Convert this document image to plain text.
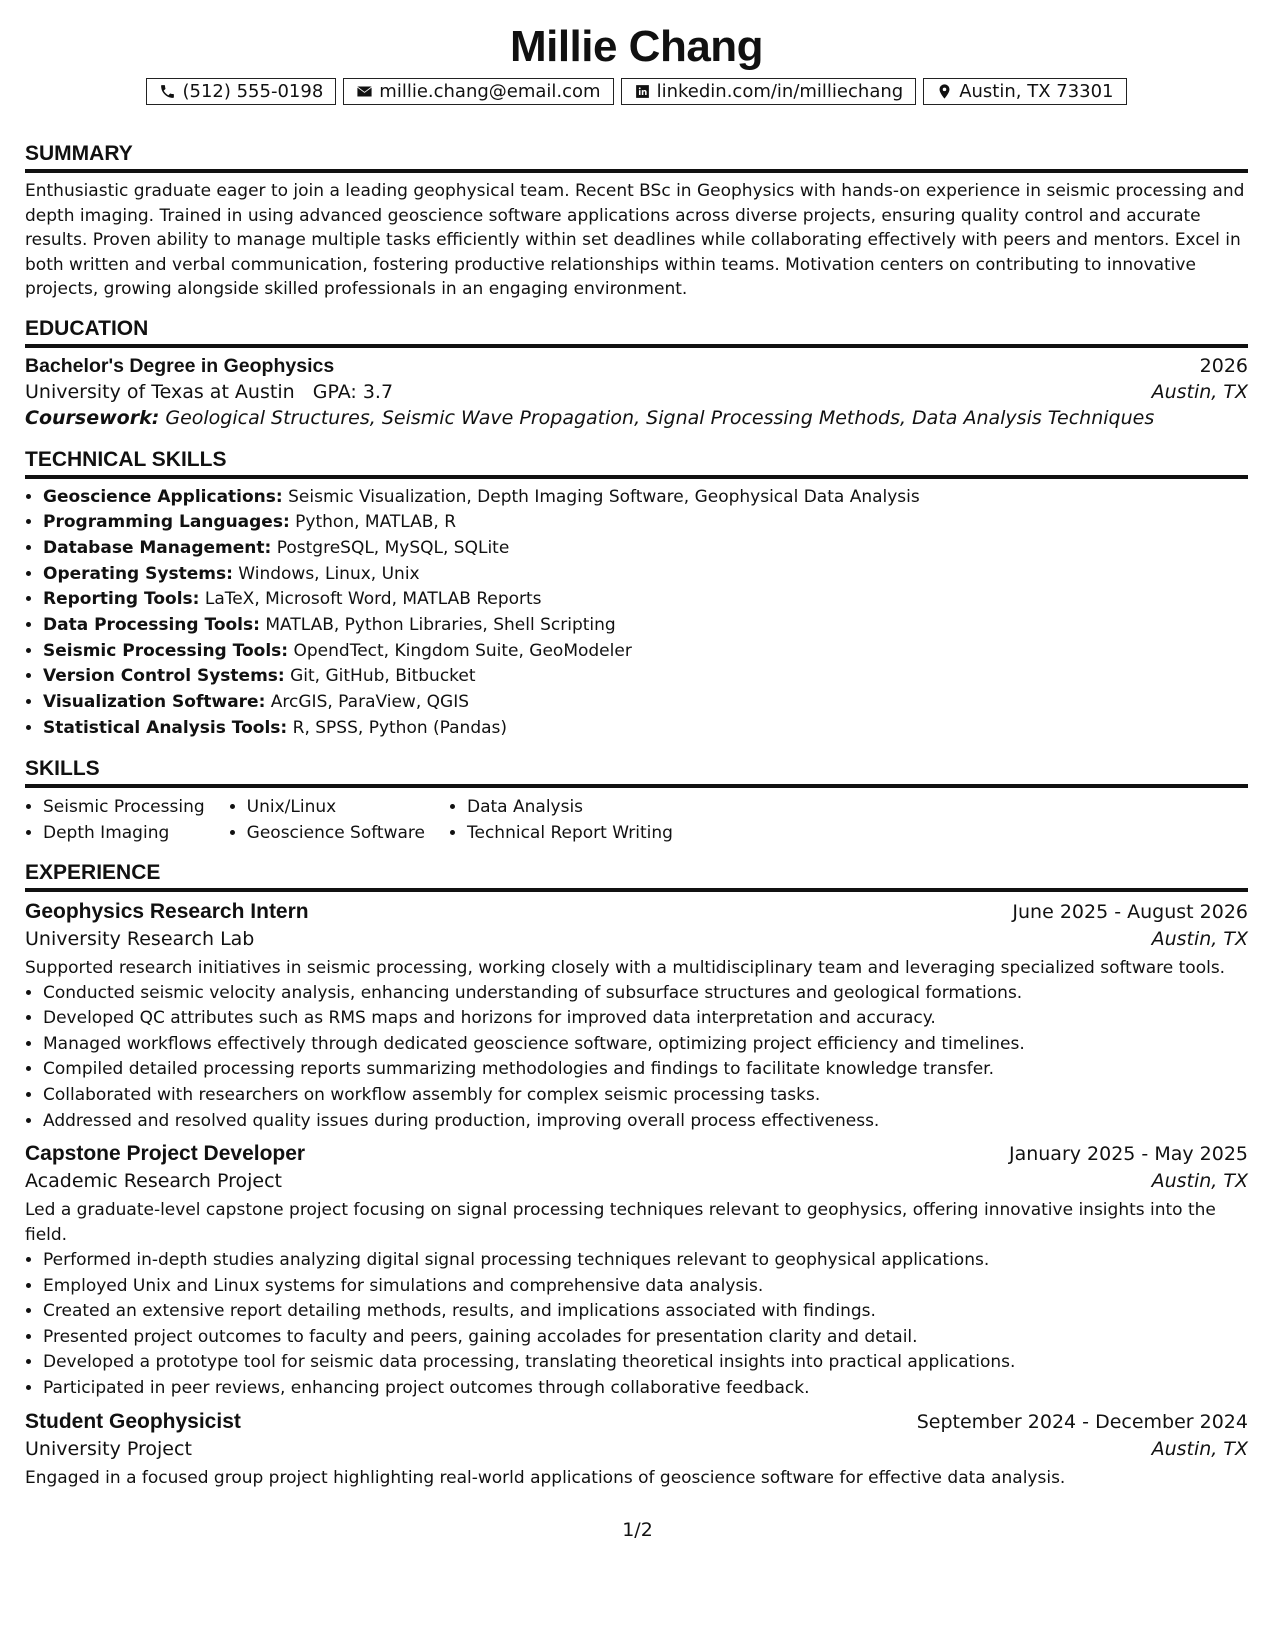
Millie Chang
(512) 555-0198	millie.chang@email.com	linkedin.com/in/milliechang	Austin, TX 73301
SUMMARY
Enthusiastic graduate eager to join a leading geophysical team. Recent BSc in Geophysics with hands-on experience in seismic processing and depth imaging. Trained in using advanced geoscience software applications across diverse projects, ensuring quality control and accurate results. Proven ability to manage multiple tasks efficiently within set deadlines while collaborating effectively with peers and mentors. Excel in both written and verbal communication, fostering productive relationships within teams. Motivation centers on contributing to innovative projects, growing alongside skilled professionals in an engaging environment.
EDUCATION
Bachelor's Degree in Geophysics	2026
University of Texas at Austin GPA: 3.7	Austin, TX
Coursework: Geological Structures, Seismic Wave Propagation, Signal Processing Methods, Data Analysis Techniques
TECHNICAL SKILLS
• Geoscience Applications: Seismic Visualization, Depth Imaging Software, Geophysical Data Analysis
• Programming Languages: Python, MATLAB, R
• Database Management: PostgreSQL, MySQL, SQLite
• Operating Systems: Windows, Linux, Unix
• Reporting Tools: LaTeX, Microsoft Word, MATLAB Reports
• Data Processing Tools: MATLAB, Python Libraries, Shell Scripting
• Seismic Processing Tools: OpendTect, Kingdom Suite, GeoModeler
• Version Control Systems: Git, GitHub, Bitbucket
• Visualization Software: ArcGIS, ParaView, QGIS
• Statistical Analysis Tools: R, SPSS, Python (Pandas)
SKILLS
• Seismic Processing
• Depth Imaging
• Unix/Linux
• Geoscience Software
• Data Analysis
• Technical Report Writing
EXPERIENCE
Geophysics Research Intern	June 2025 - August 2026
University Research Lab	Austin, TX
Supported research initiatives in seismic processing, working closely with a multidisciplinary team and leveraging specialized software tools.
• Conducted seismic velocity analysis, enhancing understanding of subsurface structures and geological formations.
• Developed QC attributes such as RMS maps and horizons for improved data interpretation and accuracy.
• Managed workflows effectively through dedicated geoscience software, optimizing project efficiency and timelines.
• Compiled detailed processing reports summarizing methodologies and findings to facilitate knowledge transfer.
• Collaborated with researchers on workflow assembly for complex seismic processing tasks.
• Addressed and resolved quality issues during production, improving overall process effectiveness.
Capstone Project Developer	January 2025 - May 2025
Academic Research Project	Austin, TX
Led a graduate-level capstone project focusing on signal processing techniques relevant to geophysics, offering innovative insights into the field.
• Performed in-depth studies analyzing digital signal processing techniques relevant to geophysical applications.
• Employed Unix and Linux systems for simulations and comprehensive data analysis.
• Created an extensive report detailing methods, results, and implications associated with findings.
• Presented project outcomes to faculty and peers, gaining accolades for presentation clarity and detail.
• Developed a prototype tool for seismic data processing, translating theoretical insights into practical applications.
• Participated in peer reviews, enhancing project outcomes through collaborative feedback.
Student Geophysicist	September 2024 - December 2024
University Project	Austin, TX
Engaged in a focused group project highlighting real-world applications of geoscience software for effective data analysis.
1/2
